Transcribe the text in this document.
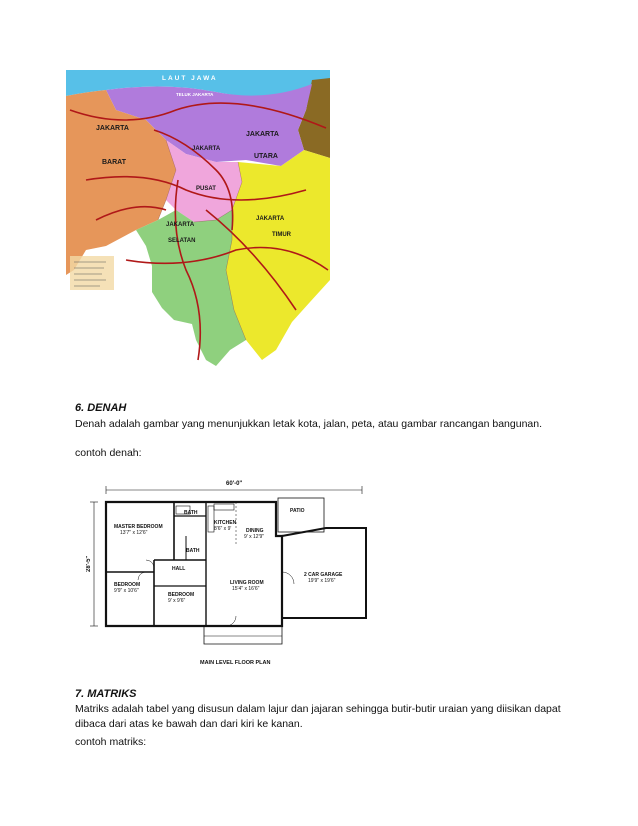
LAUT JAWA
TELUK JAKARTA
JAKARTA
BARAT
JAKARTA
UTARA
JAKARTA
PUSAT
JAKARTA
TIMUR
JAKARTA
SELATAN
6. DENAH
Denah adalah gambar yang menunjukkan letak kota, jalan, peta, atau gambar rancangan bangunan.
contoh denah:
60'-0"
28'-5"
BATH
KITCHEN
8'6" x 9'
MASTER BEDROOM
13'7" x 12'6"	DINING
9' x 12'9"
PATIO
BATH
HALL
BEDROOM
9'9" x 10'6"
BEDROOM
9' x 9'6"
LIVING ROOM
15'4" x 16'6"
2 CAR GARAGE
19'9" x 19'6"
MAIN LEVEL FLOOR PLAN
7. MATRIKS
Matriks adalah tabel yang disusun dalam lajur dan jajaran sehingga butir-butir uraian yang diisikan dapat
dibaca dari atas ke bawah dan dari kiri ke kanan.
contoh matriks:
